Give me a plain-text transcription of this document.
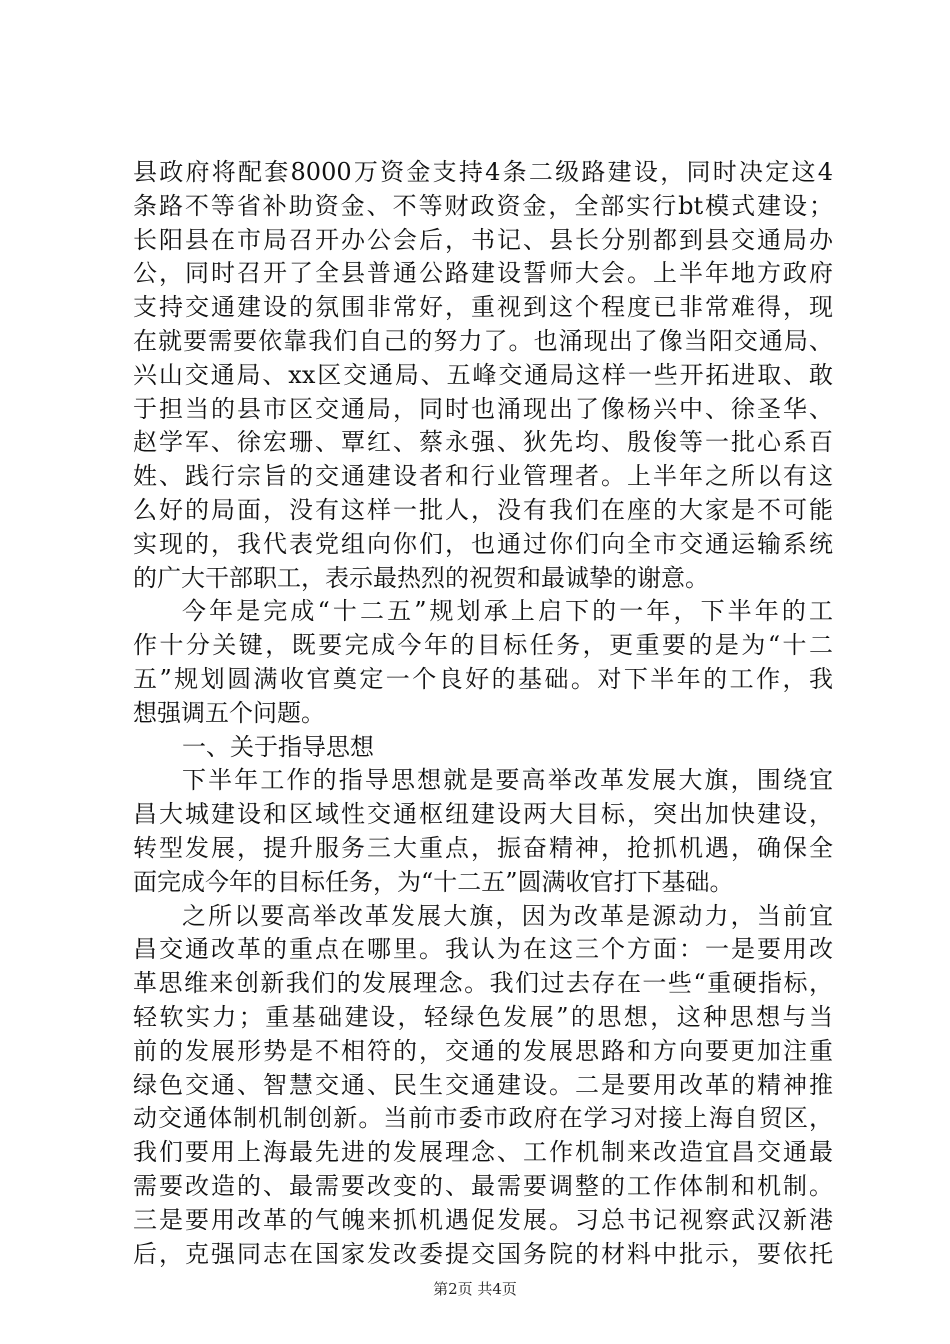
县政府将配套8000万资金支持4条二级路建设，同时决定这4
条路不等省补助资金、不等财政资金，全部实行bt模式建设；
长阳县在市局召开办公会后，书记、县长分别都到县交通局办
公，同时召开了全县普通公路建设誓师大会。上半年地方政府
支持交通建设的氛围非常好，重视到这个程度已非常难得，现
在就要需要依靠我们自己的努力了。也涌现出了像当阳交通局、
兴山交通局、xx区交通局、五峰交通局这样一些开拓进取、敢
于担当的县市区交通局，同时也涌现出了像杨兴中、徐圣华、
赵学军、徐宏珊、覃红、蔡永强、狄先均、殷俊等一批心系百
姓、践行宗旨的交通建设者和行业管理者。上半年之所以有这
么好的局面，没有这样一批人，没有我们在座的大家是不可能
实现的，我代表党组向你们，也通过你们向全市交通运输系统
的广大干部职工，表示最热烈的祝贺和最诚挚的谢意。
今年是完成“十二五”规划承上启下的一年，下半年的工
作十分关键，既要完成今年的目标任务，更重要的是为“十二
五”规划圆满收官奠定一个良好的基础。对下半年的工作，我
想强调五个问题。
一、关于指导思想
下半年工作的指导思想就是要高举改革发展大旗，围绕宜
昌大城建设和区域性交通枢纽建设两大目标，突出加快建设，
转型发展，提升服务三大重点，振奋精神，抢抓机遇，确保全
面完成今年的目标任务，为“十二五”圆满收官打下基础。
之所以要高举改革发展大旗，因为改革是源动力，当前宜
昌交通改革的重点在哪里。我认为在这三个方面：一是要用改
革思维来创新我们的发展理念。我们过去存在一些“重硬指标，
轻软实力；重基础建设，轻绿色发展”的思想，这种思想与当
前的发展形势是不相符的，交通的发展思路和方向要更加注重
绿色交通、智慧交通、民生交通建设。二是要用改革的精神推
动交通体制机制创新。当前市委市政府在学习对接上海自贸区，
我们要用上海最先进的发展理念、工作机制来改造宜昌交通最
需要改造的、最需要改变的、最需要调整的工作体制和机制。
三是要用改革的气魄来抓机遇促发展。习总书记视察武汉新港
后，克强同志在国家发改委提交国务院的材料中批示，要依托
第2页 共4页
